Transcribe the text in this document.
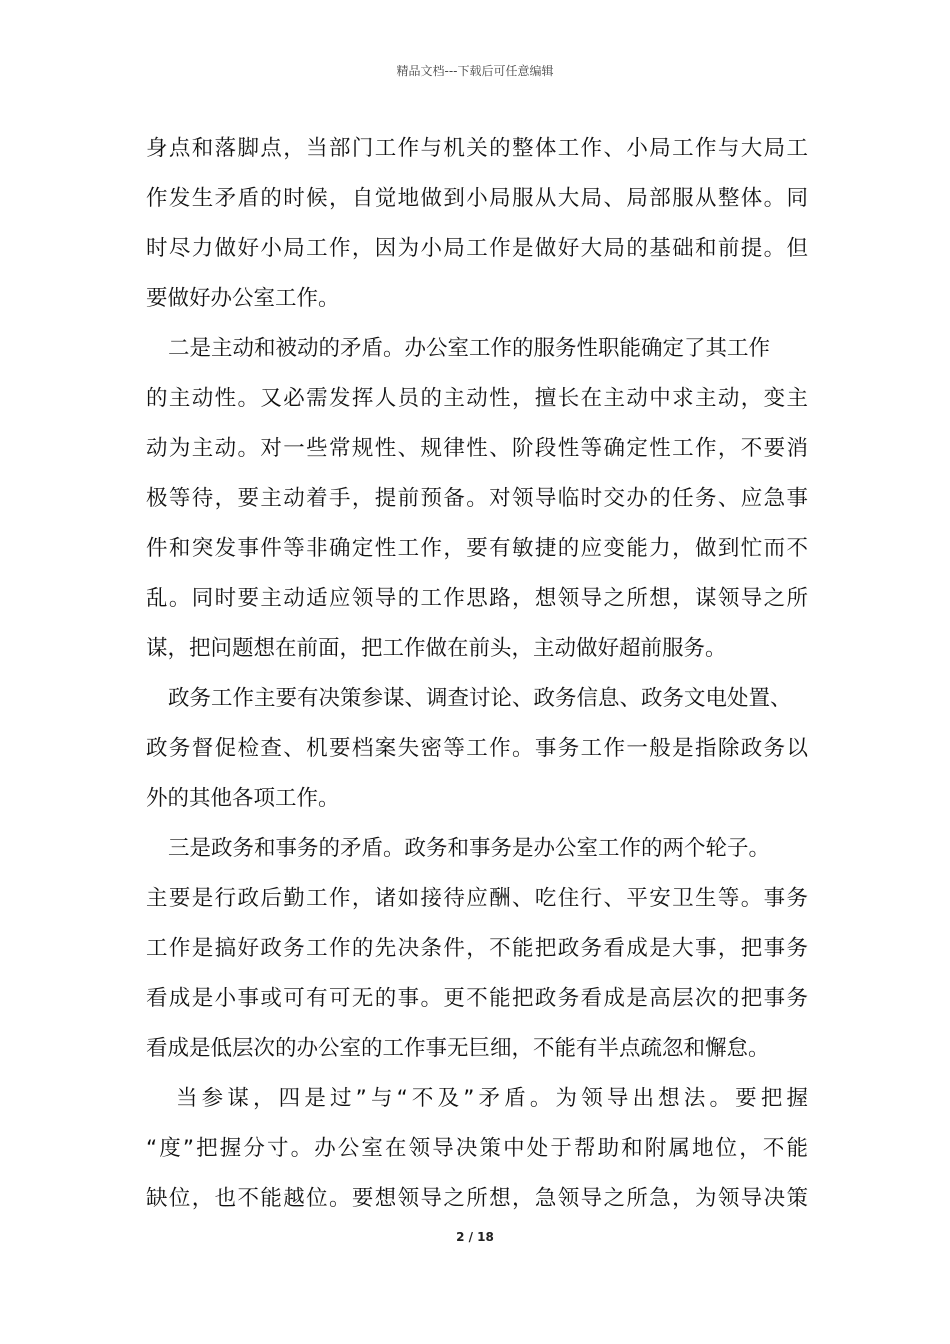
精品文档---下载后可任意编辑
身点和落脚点，当部门工作与机关的整体工作、小局工作与大局工
作发生矛盾的时候，自觉地做到小局服从大局、局部服从整体。同
时尽力做好小局工作，因为小局工作是做好大局的基础和前提。但
要做好办公室工作。
二是主动和被动的矛盾。办公室工作的服务性职能确定了其工作
的主动性。又必需发挥人员的主动性，擅长在主动中求主动，变主
动为主动。对一些常规性、规律性、阶段性等确定性工作，不要消
极等待，要主动着手，提前预备。对领导临时交办的任务、应急事
件和突发事件等非确定性工作，要有敏捷的应变能力，做到忙而不
乱。同时要主动适应领导的工作思路，想领导之所想，谋领导之所
谋，把问题想在前面，把工作做在前头，主动做好超前服务。
政务工作主要有决策参谋、调查讨论、政务信息、政务文电处置、
政务督促检查、机要档案失密等工作。事务工作一般是指除政务以
外的其他各项工作。
三是政务和事务的矛盾。政务和事务是办公室工作的两个轮子。
主要是行政后勤工作，诸如接待应酬、吃住行、平安卫生等。事务
工作是搞好政务工作的先决条件，不能把政务看成是大事，把事务
看成是小事或可有可无的事。更不能把政务看成是高层次的把事务
看成是低层次的办公室的工作事无巨细，不能有半点疏忽和懈怠。
当参谋，四是过”与“不及”矛盾。为领导出想法。要把握
“度”把握分寸。办公室在领导决策中处于帮助和附属地位，不能
缺位，也不能越位。要想领导之所想，急领导之所急，为领导决策
2 / 18
